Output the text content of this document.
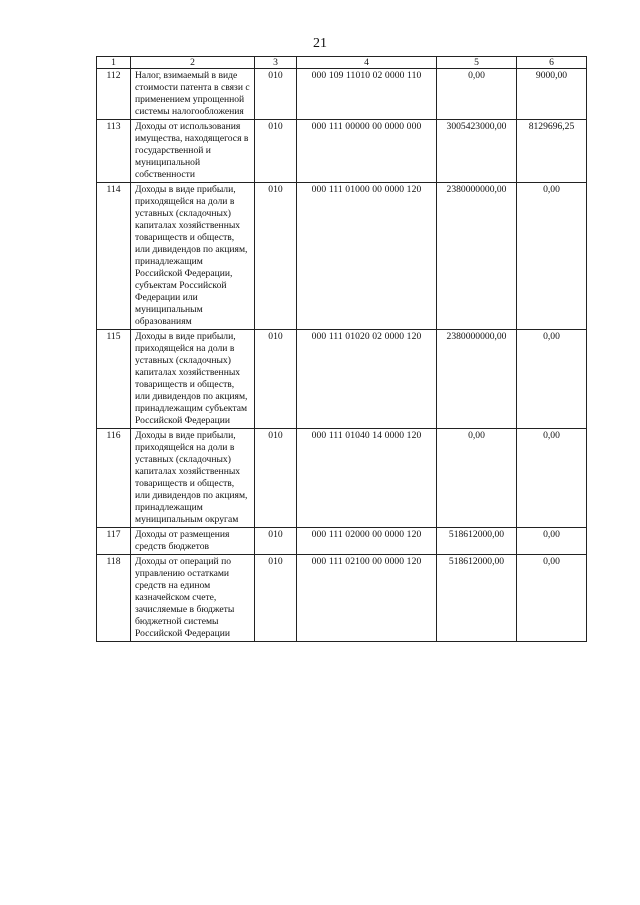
21
1	2	3	4	5	6
112	Налог, взимаемый в виде стоимости патента в связи с применением упрощенной системы налогообложения	010	000 109 11010 02 0000 110	0,00	9000,00
113	Доходы от использования имущества, находящегося в государственной и муниципальной собственности	010	000 111 00000 00 0000 000	3005423000,00	8129696,25
114	Доходы в виде прибыли, приходящейся на доли в уставных (складочных) капиталах хозяйственных товариществ и обществ, или дивидендов по акциям, принадлежащим Российской Федерации, субъектам Российской Федерации или муниципальным образованиям	010	000 111 01000 00 0000 120	2380000000,00	0,00
115	Доходы в виде прибыли, приходящейся на доли в уставных (складочных) капиталах хозяйственных товариществ и обществ, или дивидендов по акциям, принадлежащим субъектам Российской Федерации	010	000 111 01020 02 0000 120	2380000000,00	0,00
116	Доходы в виде прибыли, приходящейся на доли в уставных (складочных) капиталах хозяйственных товариществ и обществ, или дивидендов по акциям, принадлежащим муниципальным округам	010	000 111 01040 14 0000 120	0,00	0,00
117	Доходы от размещения средств бюджетов	010	000 111 02000 00 0000 120	518612000,00	0,00
118	Доходы от операций по управлению остатками средств на едином казначейском счете, зачисляемые в бюджеты бюджетной системы Российской Федерации	010	000 111 02100 00 0000 120	518612000,00	0,00
